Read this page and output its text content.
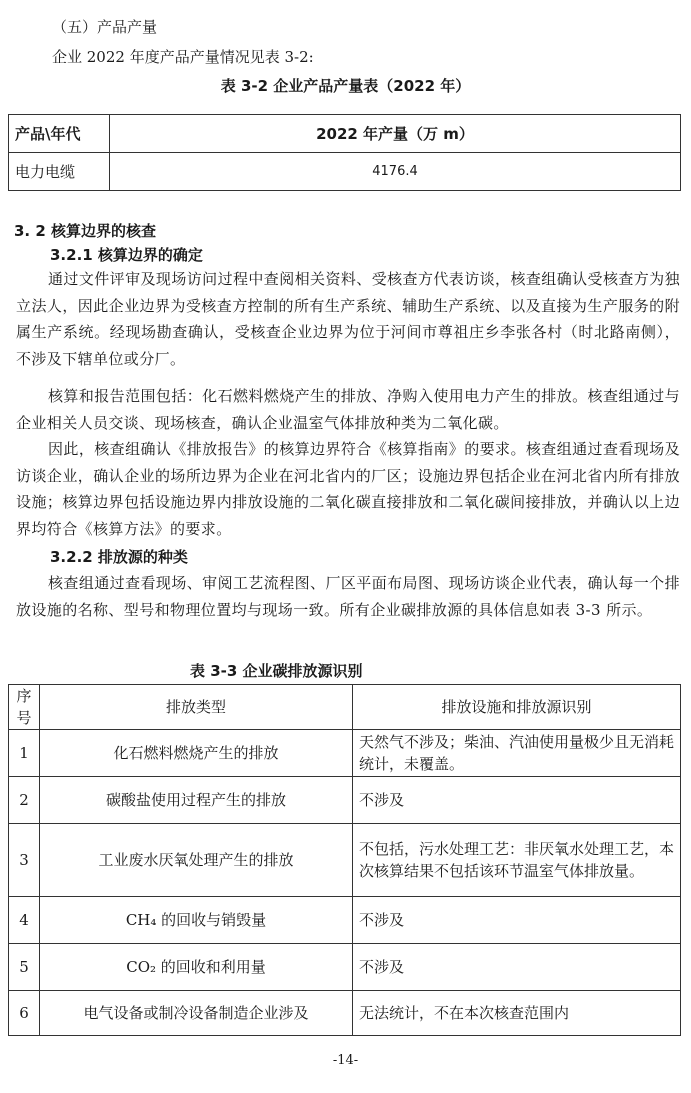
（五）产品产量
企业 2022 年度产品产量情况见表 3-2:
表 3-2 企业产品产量表（2022 年）
产品\年代	2022 年产量（万 m）
电力电缆	4176.4
3. 2 核算边界的核查
3.2.1 核算边界的确定
通过文件评审及现场访问过程中查阅相关资料、受核查方代表访谈，核查组确认受核查方为独立法人，因此企业边界为受核查方控制的所有生产系统、辅助生产系统、以及直接为生产服务的附属生产系统。经现场勘查确认，受核查企业边界为位于河间市尊祖庄乡李张各村（时北路南侧），不涉及下辖单位或分厂。
核算和报告范围包括：化石燃料燃烧产生的排放、净购入使用电力产生的排放。核查组通过与企业相关人员交谈、现场核查，确认企业温室气体排放种类为二氧化碳。
因此，核查组确认《排放报告》的核算边界符合《核算指南》的要求。核查组通过查看现场及访谈企业，确认企业的场所边界为企业在河北省内的厂区；设施边界包括企业在河北省内所有排放设施；核算边界包括设施边界内排放设施的二氧化碳直接排放和二氧化碳间接排放，并确认以上边界均符合《核算方法》的要求。
3.2.2 排放源的种类
核查组通过查看现场、审阅工艺流程图、厂区平面布局图、现场访谈企业代表，确认每一个排放设施的名称、型号和物理位置均与现场一致。所有企业碳排放源的具体信息如表 3-3 所示。
表 3-3 企业碳排放源识别
序号	排放类型	排放设施和排放源识别
1	化石燃料燃烧产生的排放	天然气不涉及；柴油、汽油使用量极少且无消耗统计，未覆盖。
2	碳酸盐使用过程产生的排放	不涉及
3	工业废水厌氧处理产生的排放	不包括，污水处理工艺：非厌氧水处理工艺，本次核算结果不包括该环节温室气体排放量。
4	CH₄ 的回收与销毁量	不涉及
5	CO₂ 的回收和利用量	不涉及
6	电气设备或制冷设备制造企业涉及	无法统计，不在本次核查范围内
-14-
